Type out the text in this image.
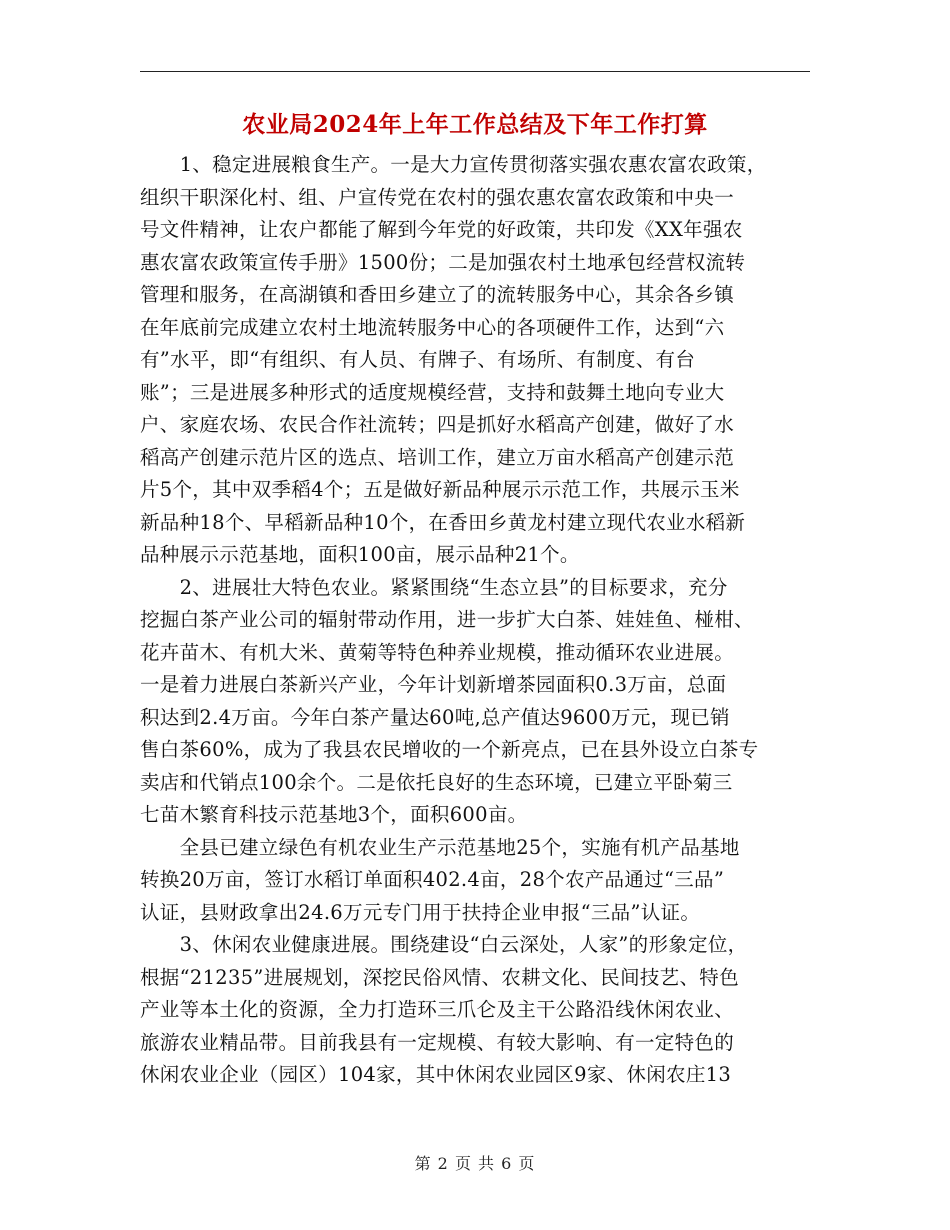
农业局2024年上年工作总结及下年工作打算
　　1、稳定进展粮食生产。一是大力宣传贯彻落实强农惠农富农政策，
组织干职深化村、组、户宣传党在农村的强农惠农富农政策和中央一
号文件精神，让农户都能了解到今年党的好政策，共印发《XX年强农
惠农富农政策宣传手册》1500份；二是加强农村土地承包经营权流转
管理和服务，在高湖镇和香田乡建立了的流转服务中心，其余各乡镇
在年底前完成建立农村土地流转服务中心的各项硬件工作，达到“六
有”水平，即“有组织、有人员、有牌子、有场所、有制度、有台
账”；三是进展多种形式的适度规模经营，支持和鼓舞土地向专业大
户、家庭农场、农民合作社流转；四是抓好水稻高产创建，做好了水
稻高产创建示范片区的选点、培训工作，建立万亩水稻高产创建示范
片5个，其中双季稻4个；五是做好新品种展示示范工作，共展示玉米
新品种18个、早稻新品种10个，在香田乡黄龙村建立现代农业水稻新
品种展示示范基地，面积100亩，展示品种21个。
　　2、进展壮大特色农业。紧紧围绕“生态立县”的目标要求，充分
挖掘白茶产业公司的辐射带动作用，进一步扩大白茶、娃娃鱼、椪柑、
花卉苗木、有机大米、黄菊等特色种养业规模，推动循环农业进展。
一是着力进展白茶新兴产业，今年计划新增茶园面积0.3万亩，总面
积达到2.4万亩。今年白茶产量达60吨,总产值达9600万元，现已销
售白茶60%，成为了我县农民增收的一个新亮点，已在县外设立白茶专
卖店和代销点100余个。二是依托良好的生态环境，已建立平卧菊三
七苗木繁育科技示范基地3个，面积600亩。
　　全县已建立绿色有机农业生产示范基地25个，实施有机产品基地
转换20万亩，签订水稻订单面积402.4亩，28个农产品通过“三品”
认证，县财政拿出24.6万元专门用于扶持企业申报“三品”认证。
　　3、休闲农业健康进展。围绕建设“白云深处，人家”的形象定位，
根据“21235”进展规划，深挖民俗风情、农耕文化、民间技艺、特色
产业等本土化的资源，全力打造环三爪仑及主干公路沿线休闲农业、
旅游农业精品带。目前我县有一定规模、有较大影响、有一定特色的
休闲农业企业（园区）104家，其中休闲农业园区9家、休闲农庄13
第 2 页 共 6 页
